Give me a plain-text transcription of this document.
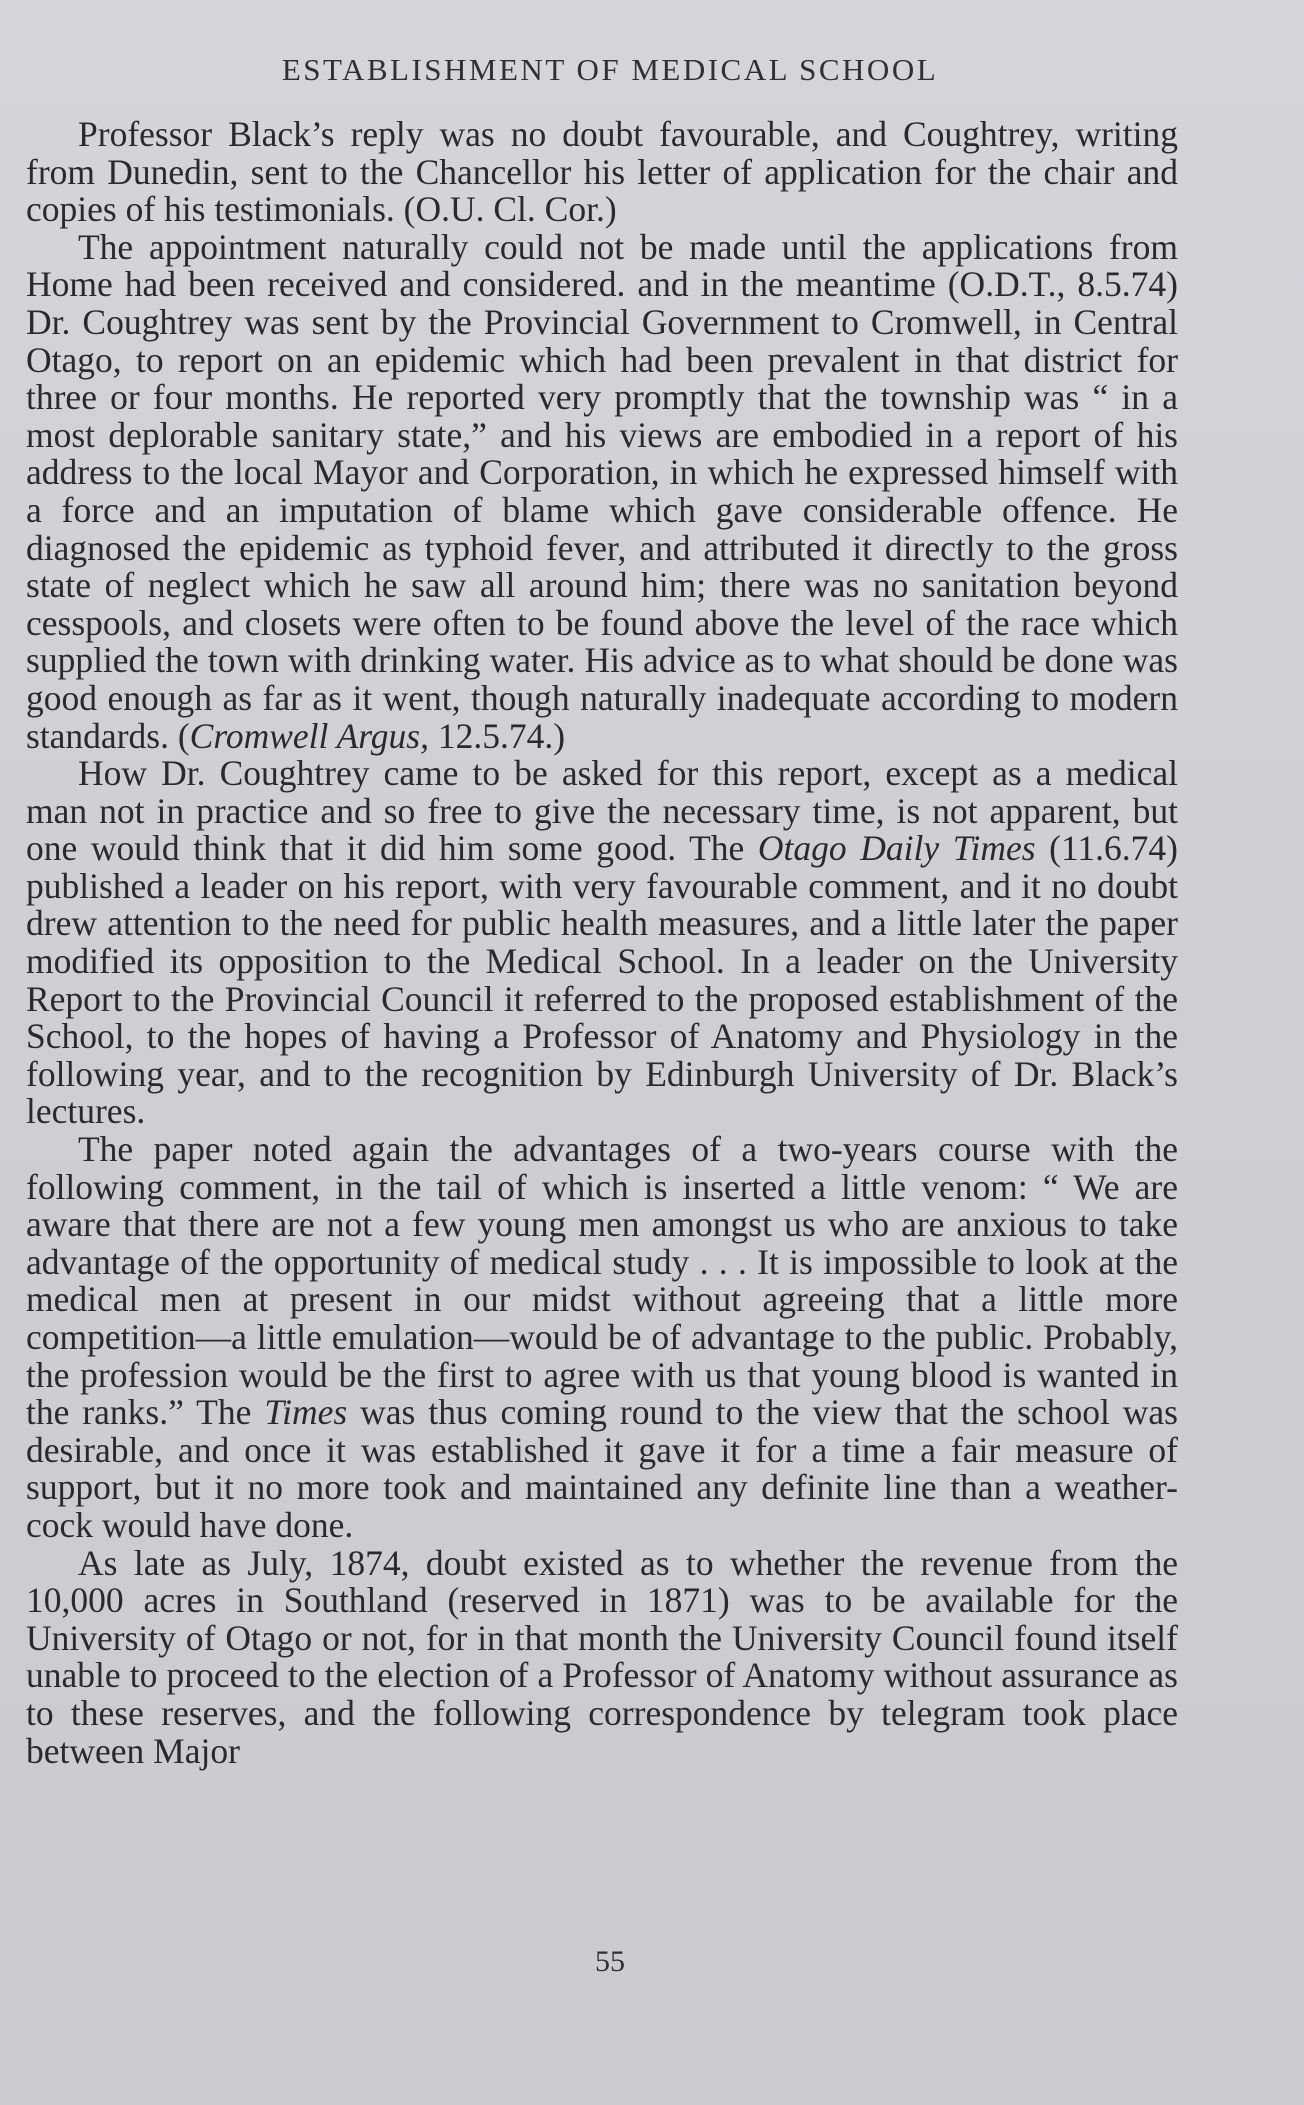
ESTABLISHMENT OF MEDICAL SCHOOL

Professor Black’s reply was no doubt favourable, and Coughtrey, writing from Dunedin, sent to the Chancellor his letter of application for the chair and copies of his testimonials. (O.U. Cl. Cor.)

The appointment naturally could not be made until the applications from Home had been received and considered. and in the meantime (O.D.T., 8.5.74) Dr. Coughtrey was sent by the Provincial Government to Cromwell, in Central Otago, to report on an epidemic which had been prevalent in that district for three or four months. He reported very promptly that the township was “ in a most deplorable sanitary state,” and his views are embodied in a report of his address to the local Mayor and Corporation, in which he expressed himself with a force and an imputation of blame which gave considerable offence. He diagnosed the epidemic as typhoid fever, and attributed it directly to the gross state of neglect which he saw all around him; there was no sanitation beyond cesspools, and closets were often to be found above the level of the race which supplied the town with drinking water. His advice as to what should be done was good enough as far as it went, though naturally inadequate according to modern standards. (Cromwell Argus, 12.5.74.)

How Dr. Coughtrey came to be asked for this report, except as a medical man not in practice and so free to give the necessary time, is not apparent, but one would think that it did him some good. The Otago Daily Times (11.6.74) published a leader on his report, with very favourable comment, and it no doubt drew attention to the need for public health measures, and a little later the paper modified its opposition to the Medical School. In a leader on the University Report to the Provincial Council it referred to the proposed establishment of the School, to the hopes of having a Professor of Anatomy and Physiology in the following year, and to the recognition by Edinburgh University of Dr. Black’s lectures.

The paper noted again the advantages of a two-years course with the following comment, in the tail of which is inserted a little venom: “ We are aware that there are not a few young men amongst us who are anxious to take advantage of the opportunity of medical study . . . It is impossible to look at the medical men at present in our midst without agreeing that a little more competition—a little emulation—would be of advantage to the public. Probably, the profession would be the first to agree with us that young blood is wanted in the ranks.” The Times was thus coming round to the view that the school was desirable, and once it was established it gave it for a time a fair measure of support, but it no more took and maintained any definite line than a weather-cock would have done.

As late as July, 1874, doubt existed as to whether the revenue from the 10,000 acres in Southland (reserved in 1871) was to be available for the University of Otago or not, for in that month the University Council found itself unable to proceed to the election of a Professor of Anatomy without assurance as to these reserves, and the following correspondence by telegram took place between Major

55
